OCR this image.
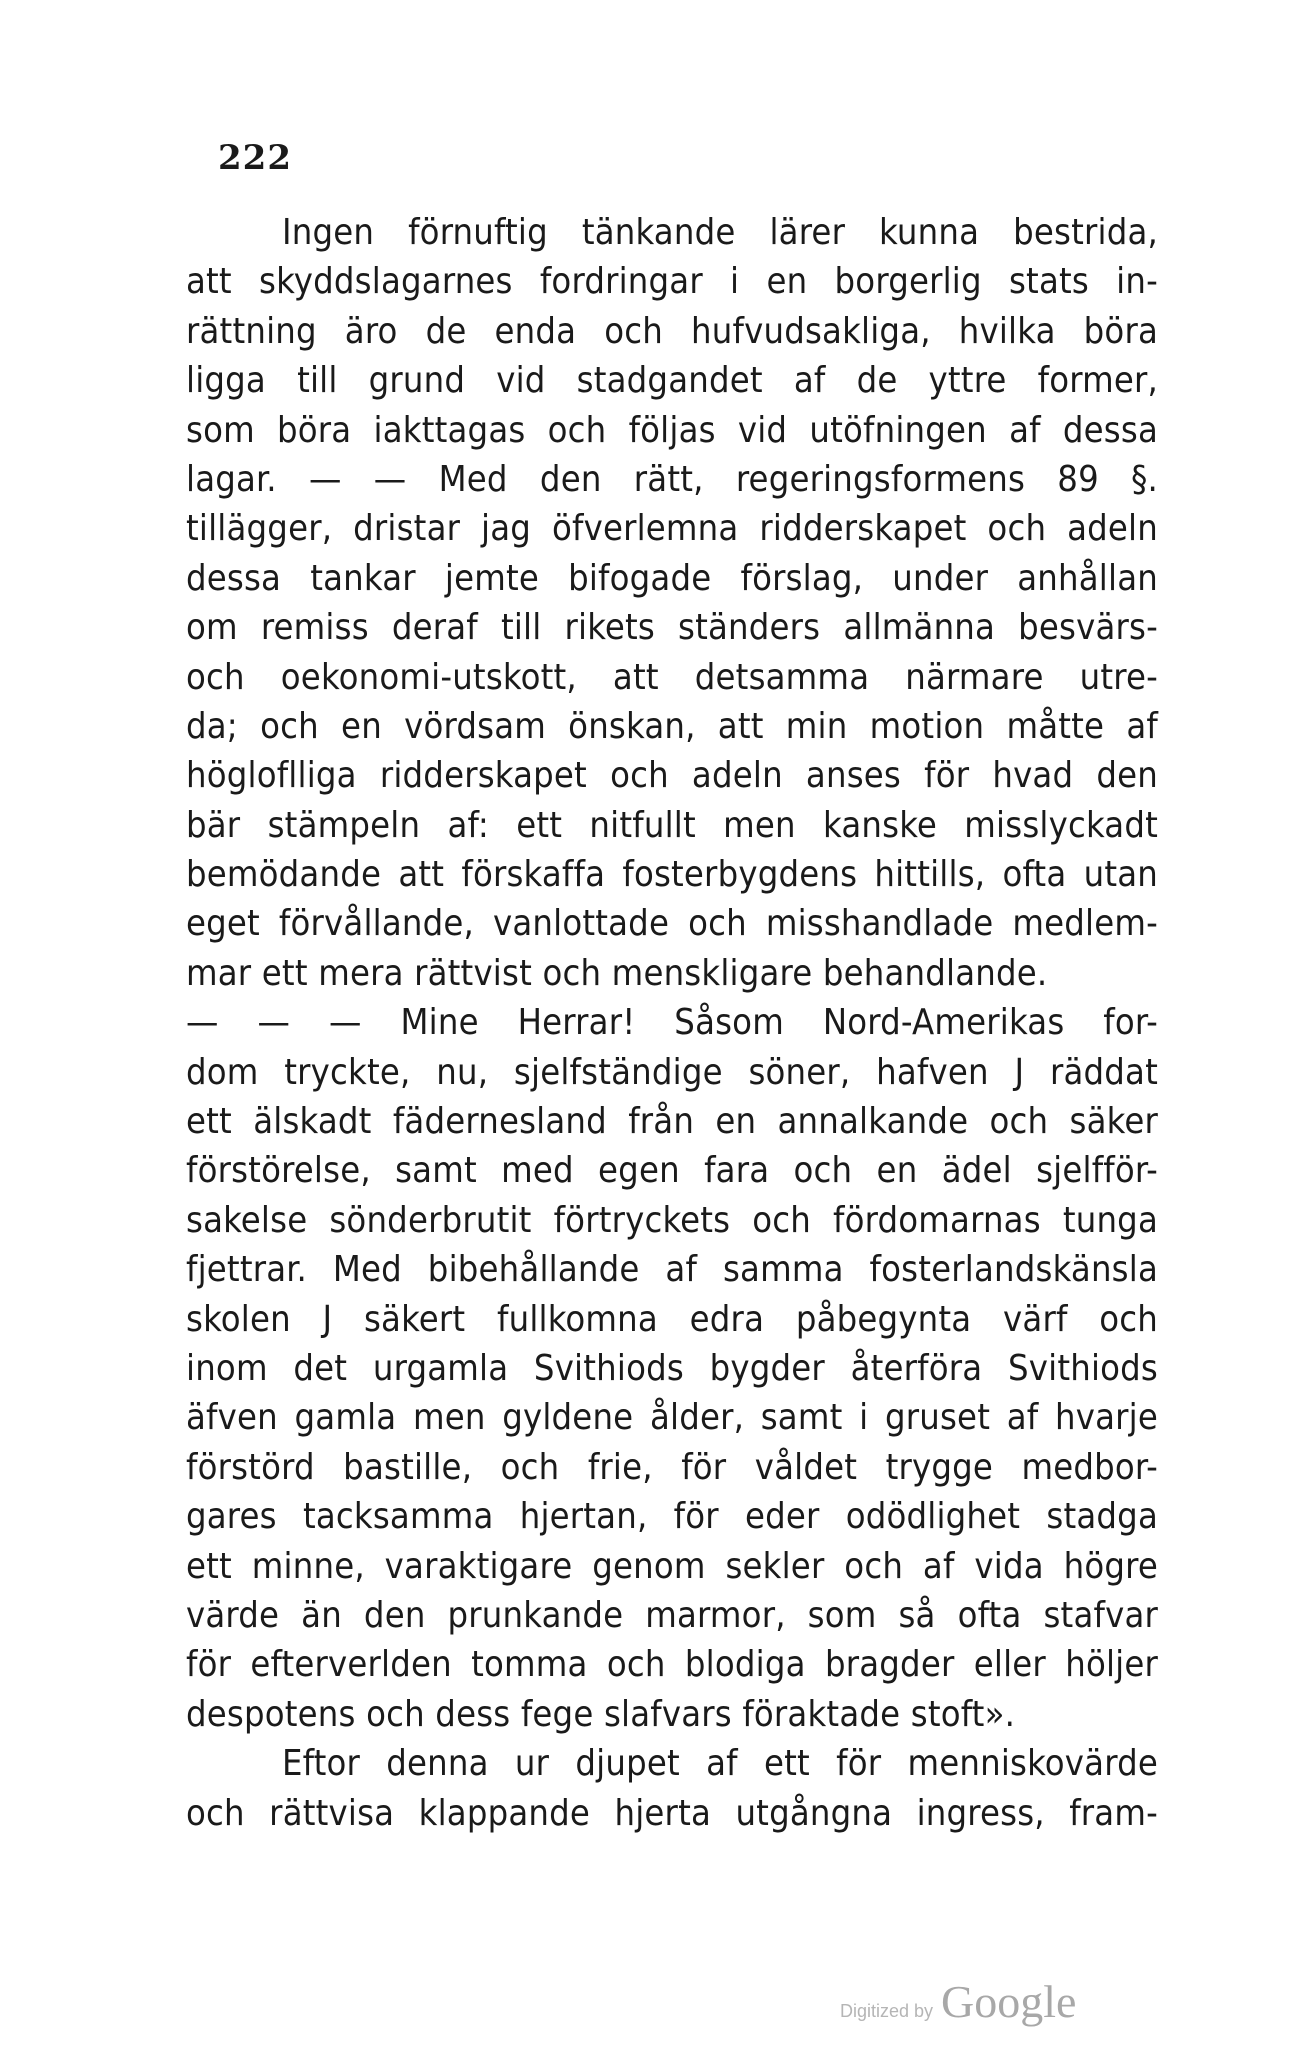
222
Ingen förnuftig tänkande lärer kunna bestrida,
att skyddslagarnes fordringar i en borgerlig stats in-
rättning äro de enda och hufvudsakliga, hvilka böra
ligga till grund vid stadgandet af de yttre former,
som böra iakttagas och följas vid utöfningen af dessa
lagar. — — Med den rätt, regeringsformens 89 §.
tillägger, dristar jag öfverlemna ridderskapet och adeln
dessa tankar jemte bifogade förslag, under anhållan
om remiss deraf till rikets ständers allmänna besvärs-
och oekonomi-utskott, att detsamma närmare utre-
da; och en vördsam önskan, att min motion måtte af
högloflliga ridderskapet och adeln anses för hvad den
bär stämpeln af: ett nitfullt men kanske misslyckadt
bemödande att förskaffa fosterbygdens hittills, ofta utan
eget förvållande, vanlottade och misshandlade medlem-
mar ett mera rättvist och menskligare behandlande.
— — — Mine Herrar! Såsom Nord-Amerikas for-
dom tryckte, nu, sjelfständige söner, hafven J räddat
ett älskadt fädernesland från en annalkande och säker
förstörelse, samt med egen fara och en ädel sjelfför-
sakelse sönderbrutit förtryckets och fördomarnas tunga
fjettrar. Med bibehållande af samma fosterlandskänsla
skolen J säkert fullkomna edra påbegynta värf och
inom det urgamla Svithiods bygder återföra Svithiods
äfven gamla men gyldene ålder, samt i gruset af hvarje
förstörd bastille, och frie, för våldet trygge medbor-
gares tacksamma hjertan, för eder odödlighet stadga
ett minne, varaktigare genom sekler och af vida högre
värde än den prunkande marmor, som så ofta stafvar
för efterverlden tomma och blodiga bragder eller höljer
despotens och dess fege slafvars föraktade stoft».
Eftor denna ur djupet af ett för menniskovärde
och rättvisa klappande hjerta utgångna ingress, fram-
Digitized by Google
